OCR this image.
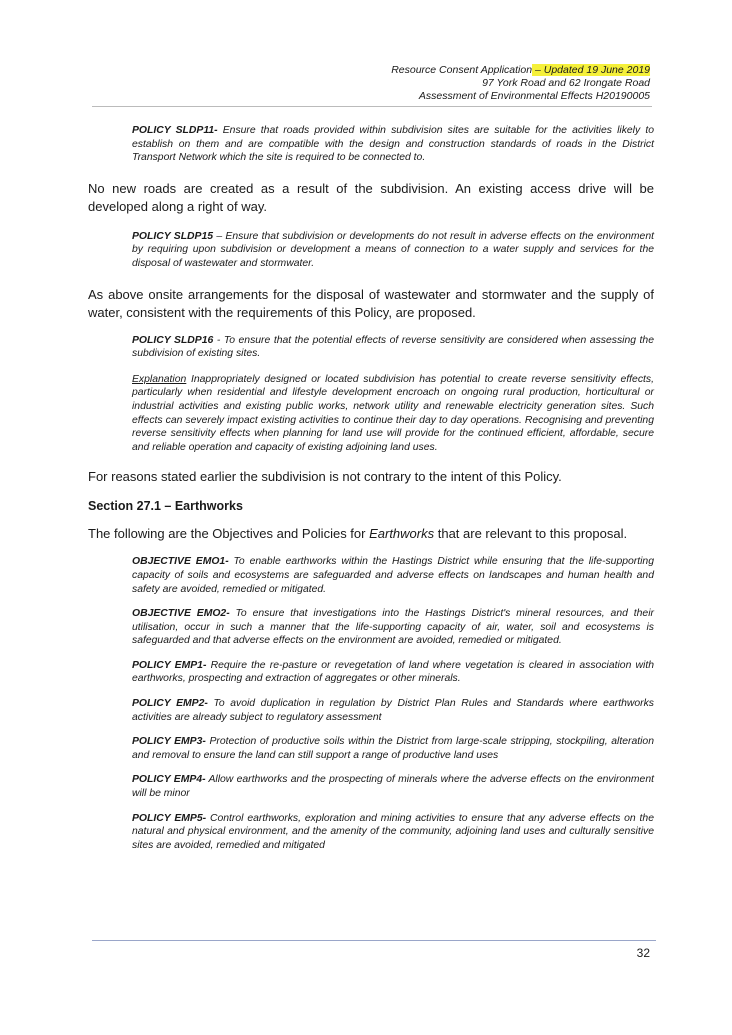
Resource Consent Application – Updated 19 June 2019
97 York Road and 62 Irongate Road
Assessment of Environmental Effects H20190005

POLICY SLDP11- Ensure that roads provided within subdivision sites are suitable for the activities likely to establish on them and are compatible with the design and construction standards of roads in the District Transport Network which the site is required to be connected to.

No new roads are created as a result of the subdivision. An existing access drive will be developed along a right of way.

POLICY SLDP15 – Ensure that subdivision or developments do not result in adverse effects on the environment by requiring upon subdivision or development a means of connection to a water supply and services for the disposal of wastewater and stormwater.

As above onsite arrangements for the disposal of wastewater and stormwater and the supply of water, consistent with the requirements of this Policy, are proposed.

POLICY SLDP16 - To ensure that the potential effects of reverse sensitivity are considered when assessing the subdivision of existing sites.

Explanation Inappropriately designed or located subdivision has potential to create reverse sensitivity effects, particularly when residential and lifestyle development encroach on ongoing rural production, horticultural or industrial activities and existing public works, network utility and renewable electricity generation sites. Such effects can severely impact existing activities to continue their day to day operations. Recognising and preventing reverse sensitivity effects when planning for land use will provide for the continued efficient, affordable, secure and reliable operation and capacity of existing adjoining land uses.

For reasons stated earlier the subdivision is not contrary to the intent of this Policy.

Section 27.1 – Earthworks

The following are the Objectives and Policies for Earthworks that are relevant to this proposal.

OBJECTIVE EMO1- To enable earthworks within the Hastings District while ensuring that the life-supporting capacity of soils and ecosystems are safeguarded and adverse effects on landscapes and human health and safety are avoided, remedied or mitigated.

OBJECTIVE EMO2- To ensure that investigations into the Hastings District's mineral resources, and their utilisation, occur in such a manner that the life-supporting capacity of air, water, soil and ecosystems is safeguarded and that adverse effects on the environment are avoided, remedied or mitigated.

POLICY EMP1- Require the re-pasture or revegetation of land where vegetation is cleared in association with earthworks, prospecting and extraction of aggregates or other minerals.

POLICY EMP2- To avoid duplication in regulation by District Plan Rules and Standards where earthworks activities are already subject to regulatory assessment

POLICY EMP3- Protection of productive soils within the District from large-scale stripping, stockpiling, alteration and removal to ensure the land can still support a range of productive land uses

POLICY EMP4- Allow earthworks and the prospecting of minerals where the adverse effects on the environment will be minor

POLICY EMP5- Control earthworks, exploration and mining activities to ensure that any adverse effects on the natural and physical environment, and the amenity of the community, adjoining land uses and culturally sensitive sites are avoided, remedied and mitigated

32
